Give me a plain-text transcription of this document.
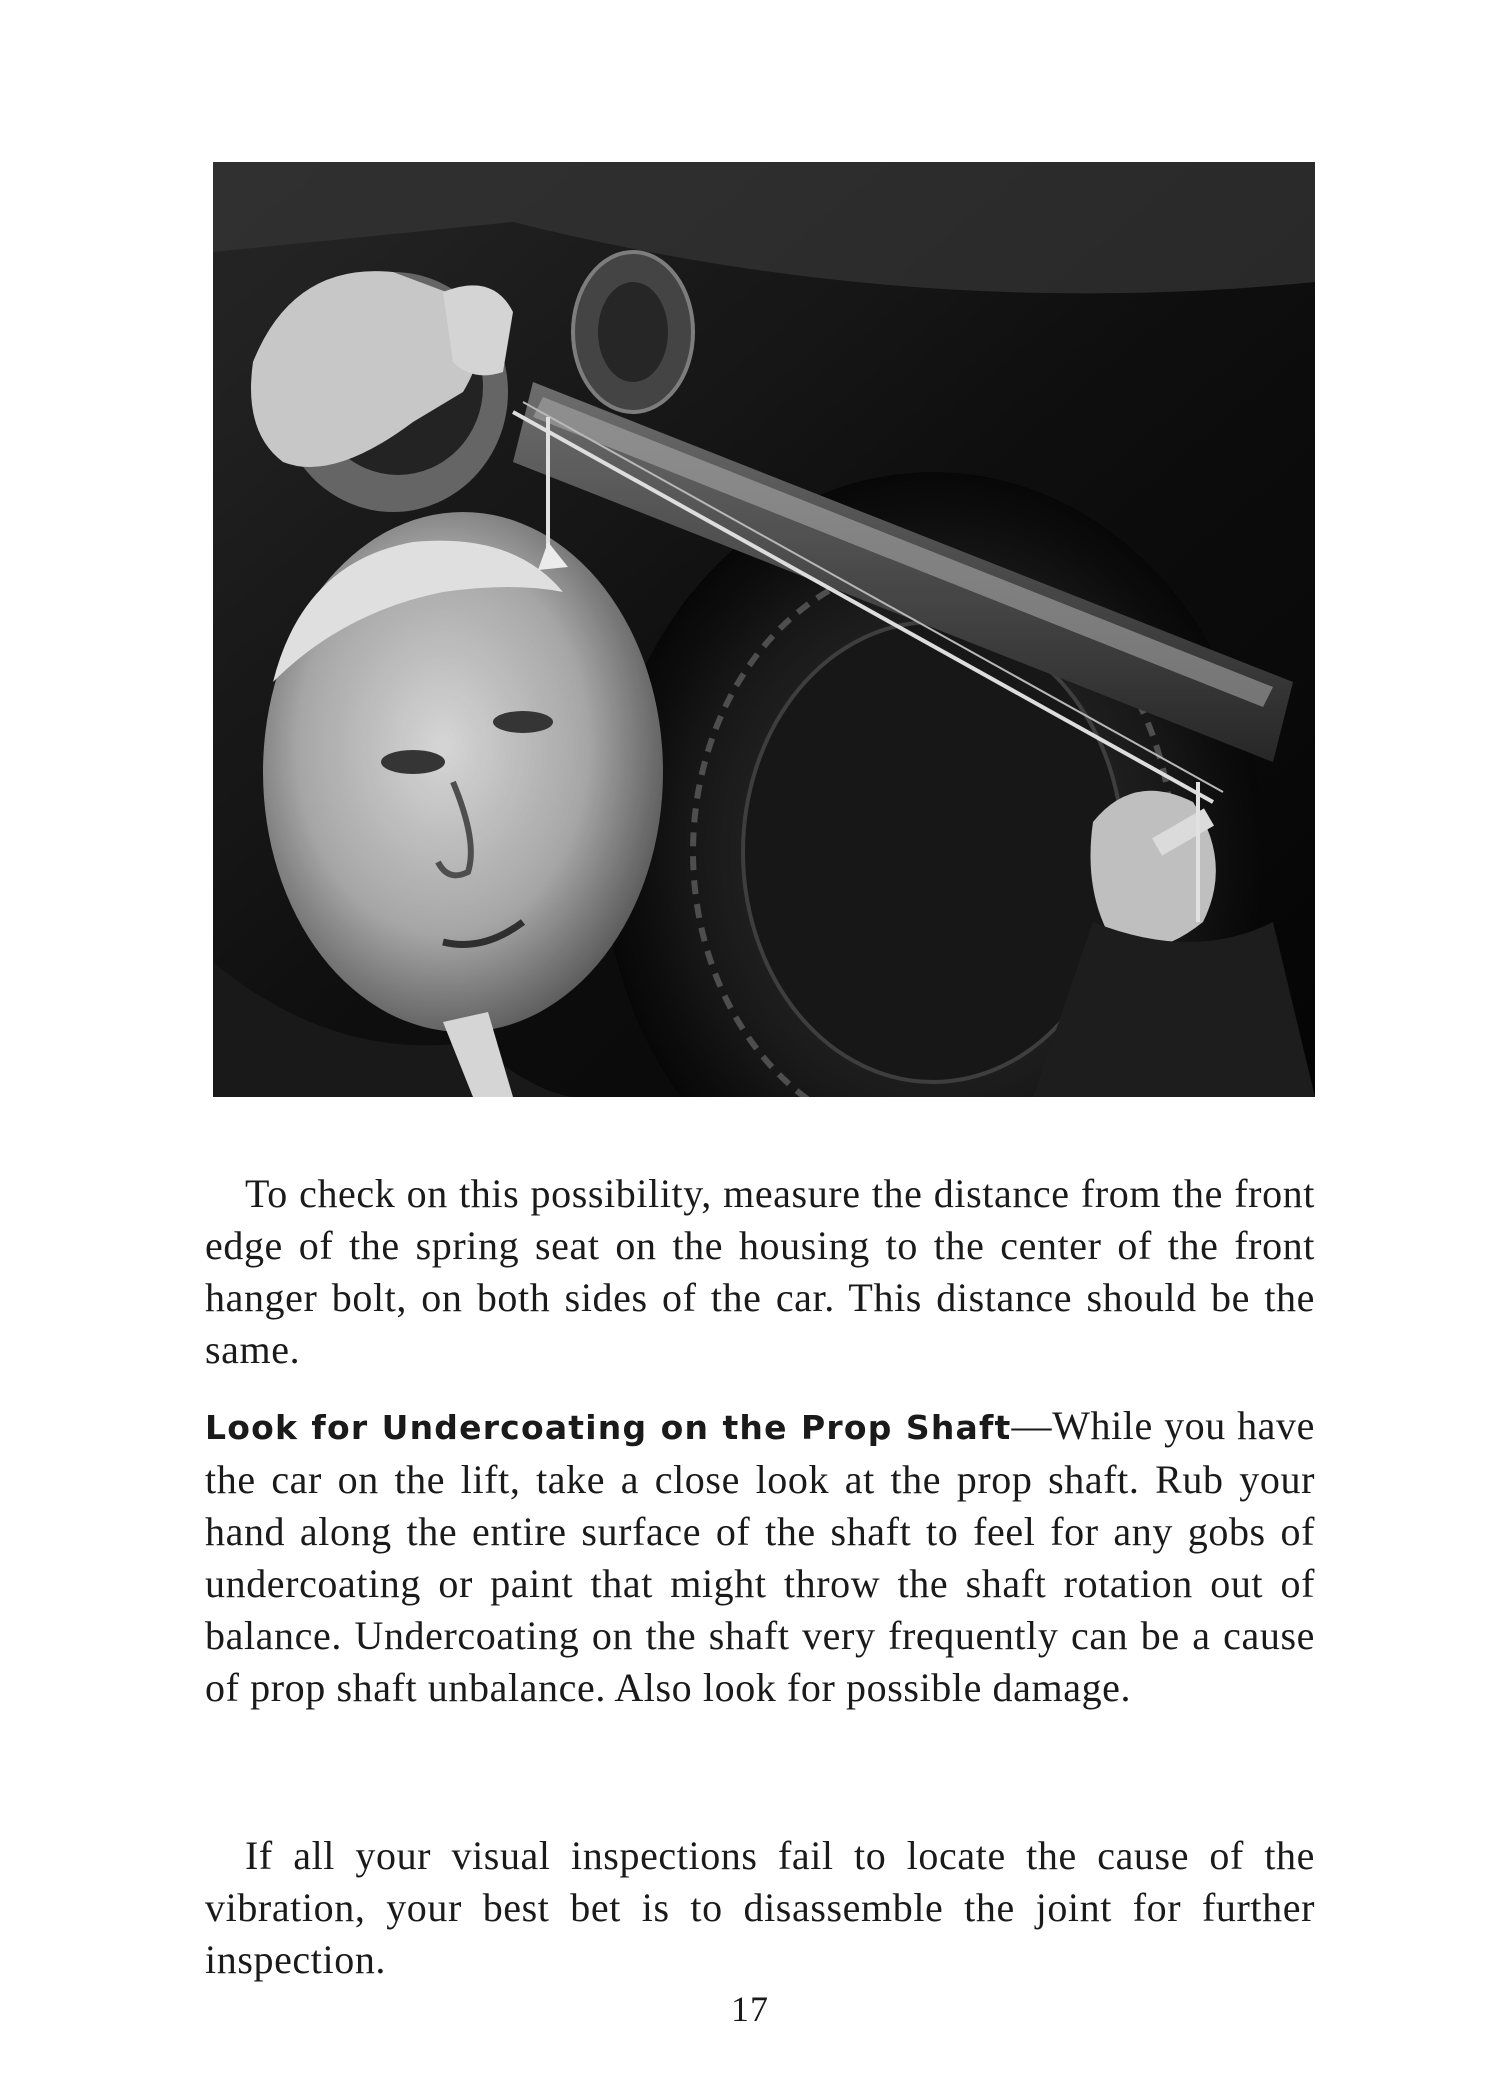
To check on this possibility, measure the distance from the front edge of the spring seat on the housing to the center of the front hanger bolt, on both sides of the car. This distance should be the same.

Look for Undercoating on the Prop Shaft—While you have the car on the lift, take a close look at the prop shaft. Rub your hand along the entire surface of the shaft to feel for any gobs of undercoating or paint that might throw the shaft rotation out of balance. Undercoating on the shaft very frequently can be a cause of prop shaft unbalance. Also look for possible damage.

If all your visual inspections fail to locate the cause of the vibration, your best bet is to disassemble the joint for further inspection.

17
